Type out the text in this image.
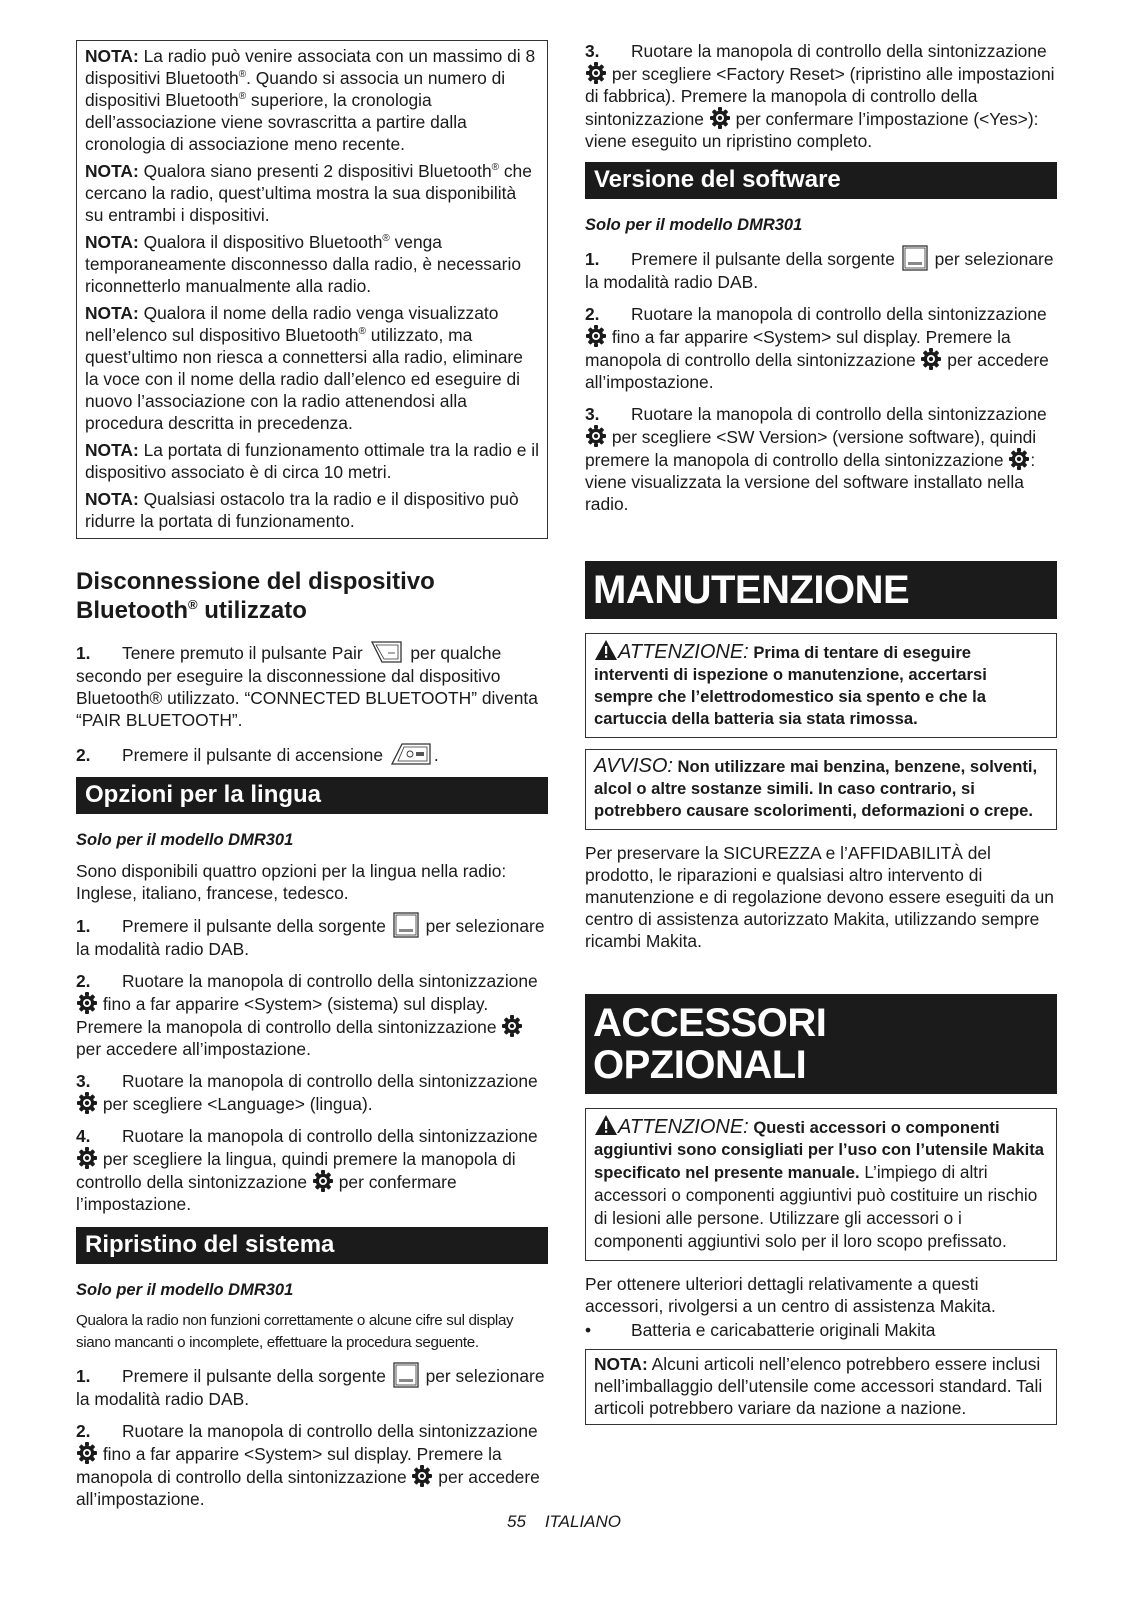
NOTA: La radio può venire associata con un massimo di 8 dispositivi Bluetooth®. Quando si associa un numero di dispositivi Bluetooth® superiore, la cronologia dell’associazione viene sovrascritta a partire dalla cronologia di associazione meno recente.

NOTA: Qualora siano presenti 2 dispositivi Bluetooth® che cercano la radio, quest’ultima mostra la sua disponibilità su entrambi i dispositivi.

NOTA: Qualora il dispositivo Bluetooth® venga temporaneamente disconnesso dalla radio, è necessario riconnetterlo manualmente alla radio.

NOTA: Qualora il nome della radio venga visualizzato nell’elenco sul dispositivo Bluetooth® utilizzato, ma quest’ultimo non riesca a connettersi alla radio, eliminare la voce con il nome della radio dall’elenco ed eseguire di nuovo l’associazione con la radio attenendosi alla procedura descritta in precedenza.

NOTA: La portata di funzionamento ottimale tra la radio e il dispositivo associato è di circa 10 metri.

NOTA: Qualsiasi ostacolo tra la radio e il dispositivo può ridurre la portata di funzionamento.

Disconnessione del dispositivo
Bluetooth® utilizzato

1. Tenere premuto il pulsante Pair  per qualche secondo per eseguire la disconnessione dal dispositivo Bluetooth® utilizzato. “CONNECTED BLUETOOTH” diventa “PAIR BLUETOOTH”.

2. Premere il pulsante di accensione	.

Opzioni per la lingua

Solo per il modello DMR301

Sono disponibili quattro opzioni per la lingua nella radio: Inglese, italiano, francese, tedesco.

1. Premere il pulsante della sorgente  per selezionare la modalità radio DAB.

2. Ruotare la manopola di controllo della sintonizzazione  fino a far apparire <System> (sistema) sul display. Premere la manopola di controllo della sintonizzazione  per accedere all’impostazione.

3. Ruotare la manopola di controllo della sintonizzazione  per scegliere <Language> (lingua).

4. Ruotare la manopola di controllo della sintonizzazione  per scegliere la lingua, quindi premere la manopola di controllo della sintonizzazione  per confermare l’impostazione.

Ripristino del sistema

Solo per il modello DMR301

Qualora la radio non funzioni correttamente o alcune cifre sul display siano mancanti o incomplete, effettuare la procedura seguente.

1. Premere il pulsante della sorgente  per selezionare la modalità radio DAB.

2. Ruotare la manopola di controllo della sintonizzazione  fino a far apparire <System> sul display. Premere la manopola di controllo della sintonizzazione  per accedere all’impostazione.

3. Ruotare la manopola di controllo della sintonizzazione  per scegliere <Factory Reset> (ripristino alle impostazioni di fabbrica). Premere la manopola di controllo della sintonizzazione  per confermare l’impostazione (<Yes>): viene eseguito un ripristino completo.

Versione del software

Solo per il modello DMR301

1. Premere il pulsante della sorgente  per selezionare la modalità radio DAB.

2. Ruotare la manopola di controllo della sintonizzazione  fino a far apparire <System> sul display. Premere la manopola di controllo della sintonizzazione  per accedere all’impostazione.

3. Ruotare la manopola di controllo della sintonizzazione  per scegliere <SW Version> (versione software), quindi premere la manopola di controllo della sintonizzazione : viene visualizzata la versione del software installato nella radio.

MANUTENZIONE

ATTENZIONE: Prima di tentare di eseguire interventi di ispezione o manutenzione, accertarsi sempre che l’elettrodomestico sia spento e che la cartuccia della batteria sia stata rimossa.

AVVISO: Non utilizzare mai benzina, benzene, solventi, alcol o altre sostanze simili. In caso contrario, si potrebbero causare scolorimenti, deformazioni o crepe.

Per preservare la SICUREZZA e l’AFFIDABILITÀ del prodotto, le riparazioni e qualsiasi altro intervento di manutenzione e di regolazione devono essere eseguiti da un centro di assistenza autorizzato Makita, utilizzando sempre ricambi Makita.

ACCESSORI OPZIONALI

ATTENZIONE: Questi accessori o componenti aggiuntivi sono consigliati per l’uso con l’utensile Makita specificato nel presente manuale. L’impiego di altri accessori o componenti aggiuntivi può costituire un rischio di lesioni alle persone. Utilizzare gli accessori o i componenti aggiuntivi solo per il loro scopo prefissato.

Per ottenere ulteriori dettagli relativamente a questi accessori, rivolgersi a un centro di assistenza Makita.

• Batteria e caricabatterie originali Makita

NOTA: Alcuni articoli nell’elenco potrebbero essere inclusi nell’imballaggio dell’utensile come accessori standard. Tali articoli potrebbero variare da nazione a nazione.

55 ITALIANO
